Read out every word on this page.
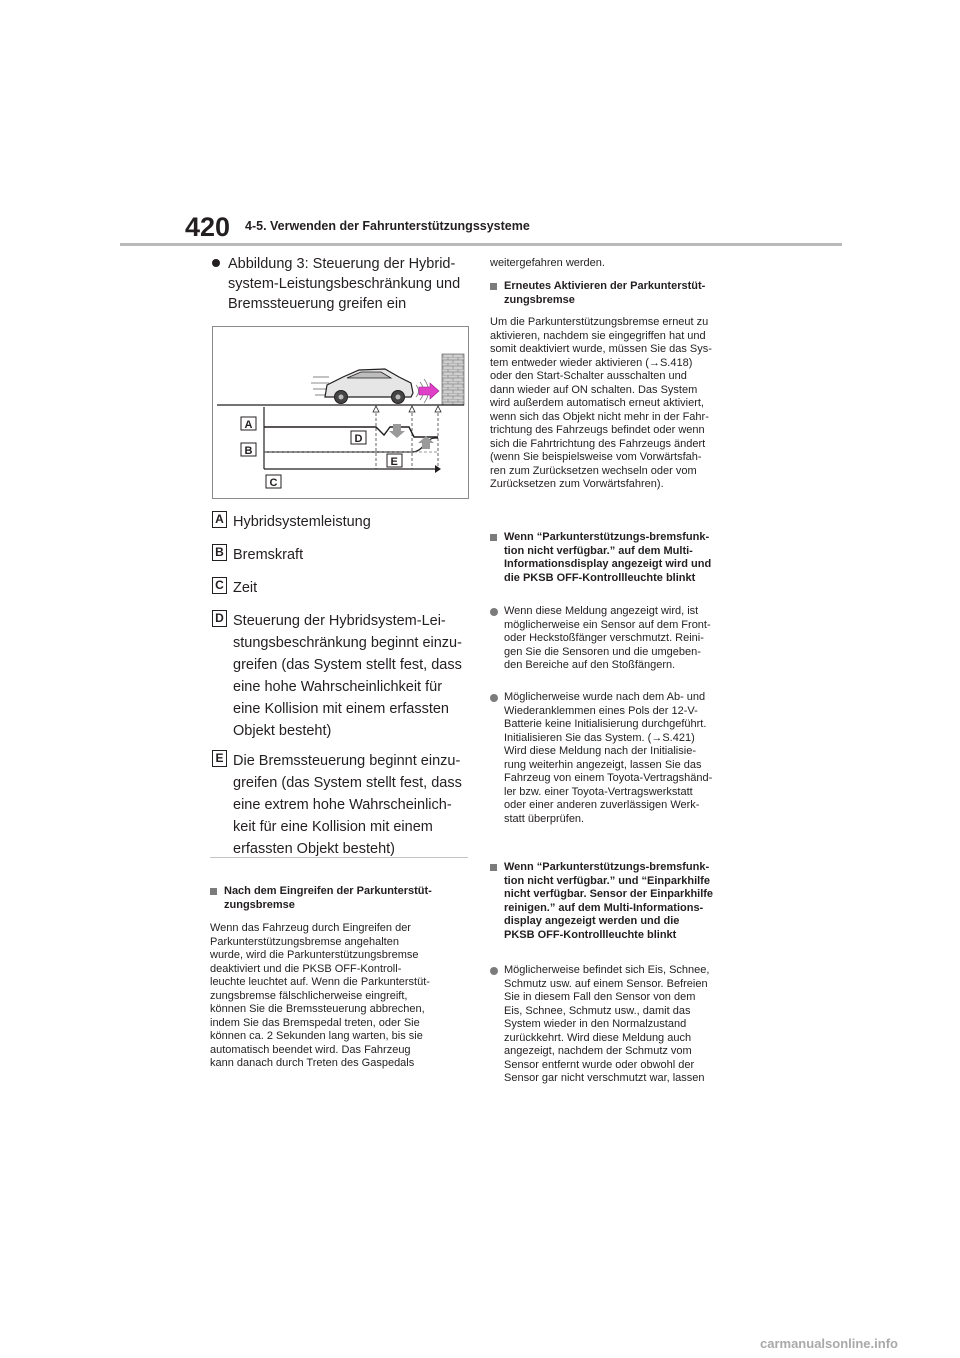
420 4-5. Verwenden der Fahrunterstützungssysteme
Abbildung 3: Steuerung der Hybrid-
system-Leistungsbeschränkung und
Bremssteuerung greifen ein
A
B
C
D
E
A Hybridsystemleistung
B Bremskraft
C Zeit
D Steuerung der Hybridsystem-Lei-
stungsbeschränkung beginnt einzu-
greifen (das System stellt fest, dass
eine hohe Wahrscheinlichkeit für
eine Kollision mit einem erfassten
Objekt besteht)
E Die Bremssteuerung beginnt einzu-
greifen (das System stellt fest, dass
eine extrem hohe Wahrscheinlich-
keit für eine Kollision mit einem
erfassten Objekt besteht)
Nach dem Eingreifen der Parkunterstüt-
zungsbremse
Wenn das Fahrzeug durch Eingreifen der
Parkunterstützungsbremse angehalten
wurde, wird die Parkunterstützungsbremse
deaktiviert und die PKSB OFF-Kontroll-
leuchte leuchtet auf. Wenn die Parkunterstüt-
zungsbremse fälschlicherweise eingreift,
können Sie die Bremssteuerung abbrechen,
indem Sie das Bremspedal treten, oder Sie
können ca. 2 Sekunden lang warten, bis sie
automatisch beendet wird. Das Fahrzeug
kann danach durch Treten des Gaspedals
weitergefahren werden.
Erneutes Aktivieren der Parkunterstüt-
zungsbremse
Um die Parkunterstützungsbremse erneut zu
aktivieren, nachdem sie eingegriffen hat und
somit deaktiviert wurde, müssen Sie das Sys-
tem entweder wieder aktivieren (→S.418)
oder den Start-Schalter ausschalten und
dann wieder auf ON schalten. Das System
wird außerdem automatisch erneut aktiviert,
wenn sich das Objekt nicht mehr in der Fahr-
trichtung des Fahrzeugs befindet oder wenn
sich die Fahrtrichtung des Fahrzeugs ändert
(wenn Sie beispielsweise vom Vorwärtsfah-
ren zum Zurücksetzen wechseln oder vom
Zurücksetzen zum Vorwärtsfahren).
Wenn “Parkunterstützungs-bremsfunk-
tion nicht verfügbar.” auf dem Multi-
Informationsdisplay angezeigt wird und
die PKSB OFF-Kontrollleuchte blinkt
Wenn diese Meldung angezeigt wird, ist
möglicherweise ein Sensor auf dem Front-
oder Heckstoßfänger verschmutzt. Reini-
gen Sie die Sensoren und die umgeben-
den Bereiche auf den Stoßfängern.
Möglicherweise wurde nach dem Ab- und
Wiederanklemmen eines Pols der 12-V-
Batterie keine Initialisierung durchgeführt.
Initialisieren Sie das System. (→S.421)
Wird diese Meldung nach der Initialisie-
rung weiterhin angezeigt, lassen Sie das
Fahrzeug von einem Toyota-Vertragshänd-
ler bzw. einer Toyota-Vertragswerkstatt
oder einer anderen zuverlässigen Werk-
statt überprüfen.
Wenn “Parkunterstützungs-bremsfunk-
tion nicht verfügbar.” und “Einparkhilfe
nicht verfügbar. Sensor der Einparkhilfe
reinigen.” auf dem Multi-Informations-
display angezeigt werden und die
PKSB OFF-Kontrollleuchte blinkt
Möglicherweise befindet sich Eis, Schnee,
Schmutz usw. auf einem Sensor. Befreien
Sie in diesem Fall den Sensor von dem
Eis, Schnee, Schmutz usw., damit das
System wieder in den Normalzustand
zurückkehrt. Wird diese Meldung auch
angezeigt, nachdem der Schmutz vom
Sensor entfernt wurde oder obwohl der
Sensor gar nicht verschmutzt war, lassen
carmanualsonline.info
